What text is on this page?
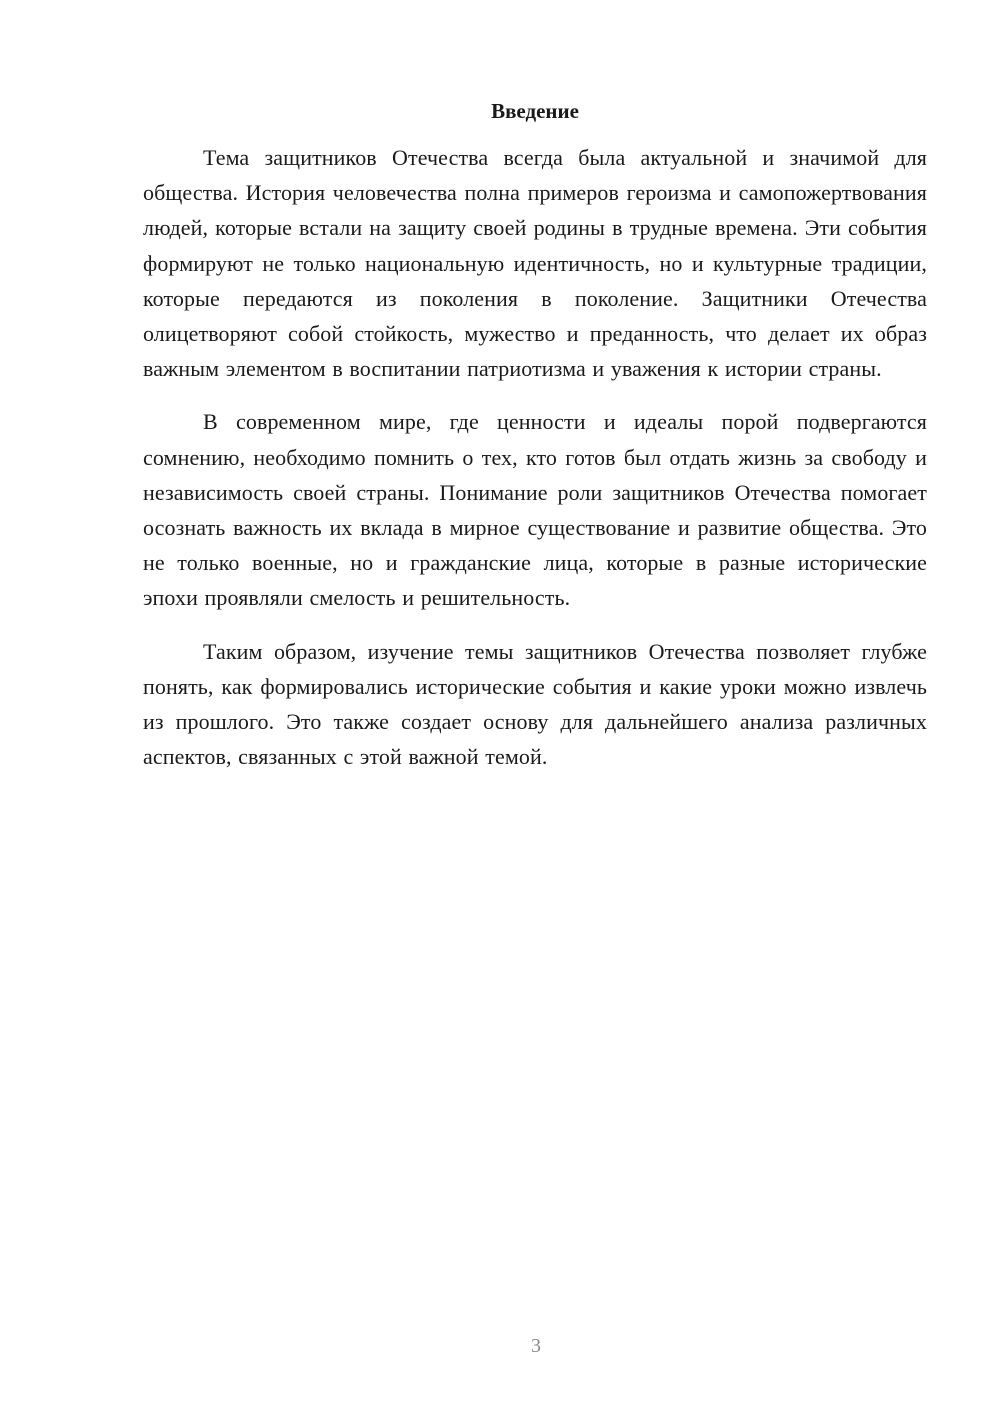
Введение

Тема защитников Отечества всегда была актуальной и значимой для общества. История человечества полна примеров героизма и самопожертвования людей, которые встали на защиту своей родины в трудные времена. Эти события формируют не только национальную идентичность, но и культурные традиции, которые передаются из поколения в поколение. Защитники Отечества олицетворяют собой стойкость, мужество и преданность, что делает их образ важным элементом в воспитании патриотизма и уважения к истории страны.

В современном мире, где ценности и идеалы порой подвергаются сомнению, необходимо помнить о тех, кто готов был отдать жизнь за свободу и независимость своей страны. Понимание роли защитников Отечества помогает осознать важность их вклада в мирное существование и развитие общества. Это не только военные, но и гражданские лица, которые в разные исторические эпохи проявляли смелость и решительность.

Таким образом, изучение темы защитников Отечества позволяет глубже понять, как формировались исторические события и какие уроки можно извлечь из прошлого. Это также создает основу для дальнейшего анализа различных аспектов, связанных с этой важной темой.

3
